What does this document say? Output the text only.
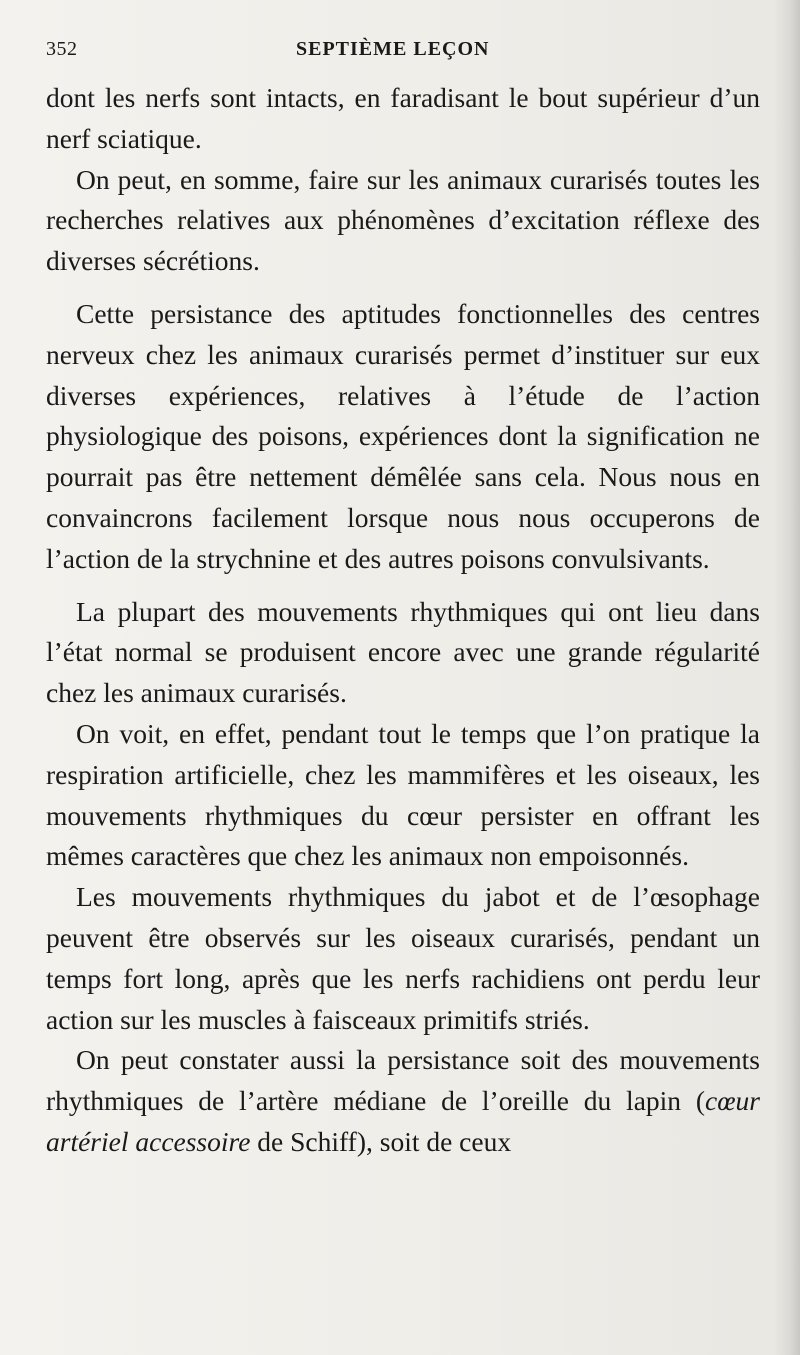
352	SEPTIÈME LEÇON

dont les nerfs sont intacts, en faradisant le bout supérieur d’un nerf sciatique.

On peut, en somme, faire sur les animaux curarisés toutes les recherches relatives aux phénomènes d’excitation réflexe des diverses sécrétions.

Cette persistance des aptitudes fonctionnelles des centres nerveux chez les animaux curarisés permet d’instituer sur eux diverses expériences, relatives à l’étude de l’action physiologique des poisons, expériences dont la signification ne pourrait pas être nettement démêlée sans cela. Nous nous en convaincrons facilement lorsque nous nous occuperons de l’action de la strychnine et des autres poisons convulsivants.

La plupart des mouvements rhythmiques qui ont lieu dans l’état normal se produisent encore avec une grande régularité chez les animaux curarisés.

On voit, en effet, pendant tout le temps que l’on pratique la respiration artificielle, chez les mammifères et les oiseaux, les mouvements rhythmiques du cœur persister en offrant les mêmes caractères que chez les animaux non empoisonnés.

Les mouvements rhythmiques du jabot et de l’œsophage peuvent être observés sur les oiseaux curarisés, pendant un temps fort long, après que les nerfs rachidiens ont perdu leur action sur les muscles à faisceaux primitifs striés.

On peut constater aussi la persistance soit des mouvements rhythmiques de l’artère médiane de l’oreille du lapin (cœur artériel accessoire de Schiff), soit de ceux
